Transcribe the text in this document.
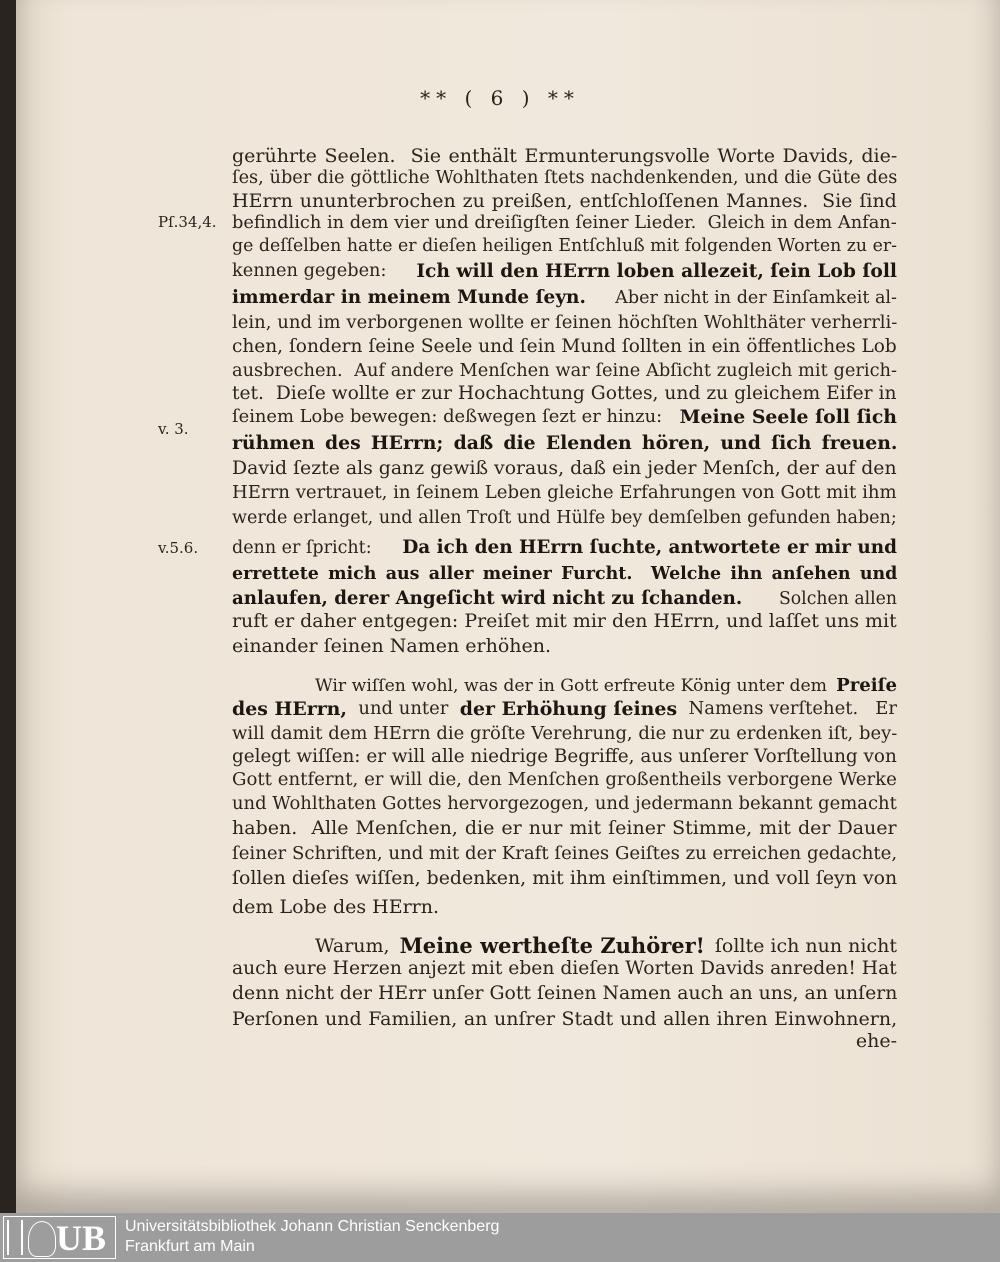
** ( 6 ) **
gerührte Seelen.  Sie enthält Ermunterungsvolle Worte Davids, die-
ſes, über die göttliche Wohlthaten ſtets nachdenkenden, und die Güte des
HErrn ununterbrochen zu preißen, entſchloſſenen Mannes.  Sie ſind
befindlich in dem vier und dreiſigſten ſeiner Lieder.  Gleich in dem Anfan-
ge deſſelben hatte er dieſen heiligen Entſchluß mit folgenden Worten zu er-
kennen gegeben: Ich will den HErrn loben allezeit, ſein Lob ſoll
immerdar in meinem Munde ſeyn. Aber nicht in der Einſamkeit al-
lein, und im verborgenen wollte er ſeinen höchſten Wohlthäter verherrli-
chen, ſondern ſeine Seele und ſein Mund ſollten in ein öffentliches Lob
ausbrechen.  Auf andere Menſchen war ſeine Abſicht zugleich mit gerich-
tet.  Dieſe wollte er zur Hochachtung Gottes, und zu gleichem Eifer in
ſeinem Lobe bewegen: deßwegen ſezt er hinzu: Meine Seele ſoll ſich
rühmen des HErrn; daß die Elenden hören, und ſich freuen.
David ſezte als ganz gewiß voraus, daß ein jeder Menſch, der auf den
HErrn vertrauet, in ſeinem Leben gleiche Erfahrungen von Gott mit ihm
werde erlanget, und allen Troſt und Hülfe bey demſelben gefunden haben;
denn er ſpricht: Da ich den HErrn ſuchte, antwortete er mir und
errettete mich aus aller meiner Furcht.  Welche ihn anſehen und
anlaufen, derer Angeſicht wird nicht zu ſchanden. Solchen allen
ruft er daher entgegen: Preiſet mit mir den HErrn, und laſſet uns mit
einander ſeinen Namen erhöhen.
Wir wiſſen wohl, was der in Gott erfreute König unter dem Preiſe
des HErrn, und unter der Erhöhung ſeines Namens verſtehet.   Er
will damit dem HErrn die gröſte Verehrung, die nur zu erdenken iſt, bey-
gelegt wiſſen: er will alle niedrige Begriffe, aus unſerer Vorſtellung von
Gott entfernt, er will die, den Menſchen großentheils verborgene Werke
und Wohlthaten Gottes hervorgezogen, und jedermann bekannt gemacht
haben.  Alle Menſchen, die er nur mit ſeiner Stimme, mit der Dauer
ſeiner Schriften, und mit der Kraft ſeines Geiſtes zu erreichen gedachte,
ſollen dieſes wiſſen, bedenken, mit ihm einſtimmen, und voll ſeyn von
dem Lobe des HErrn.
Warum, Meine wertheſte Zuhörer! ſollte ich nun nicht
auch eure Herzen anjezt mit eben dieſen Worten Davids anreden! Hat
denn nicht der HErr unſer Gott ſeinen Namen auch an uns, an unſern
Perſonen und Familien, an unſrer Stadt und allen ihren Einwohnern,
ehe-
Pſ.34,4.
v. 3.
v.5.6.
UB Universitätsbibliothek Johann Christian Senckenberg
Frankfurt am Main
